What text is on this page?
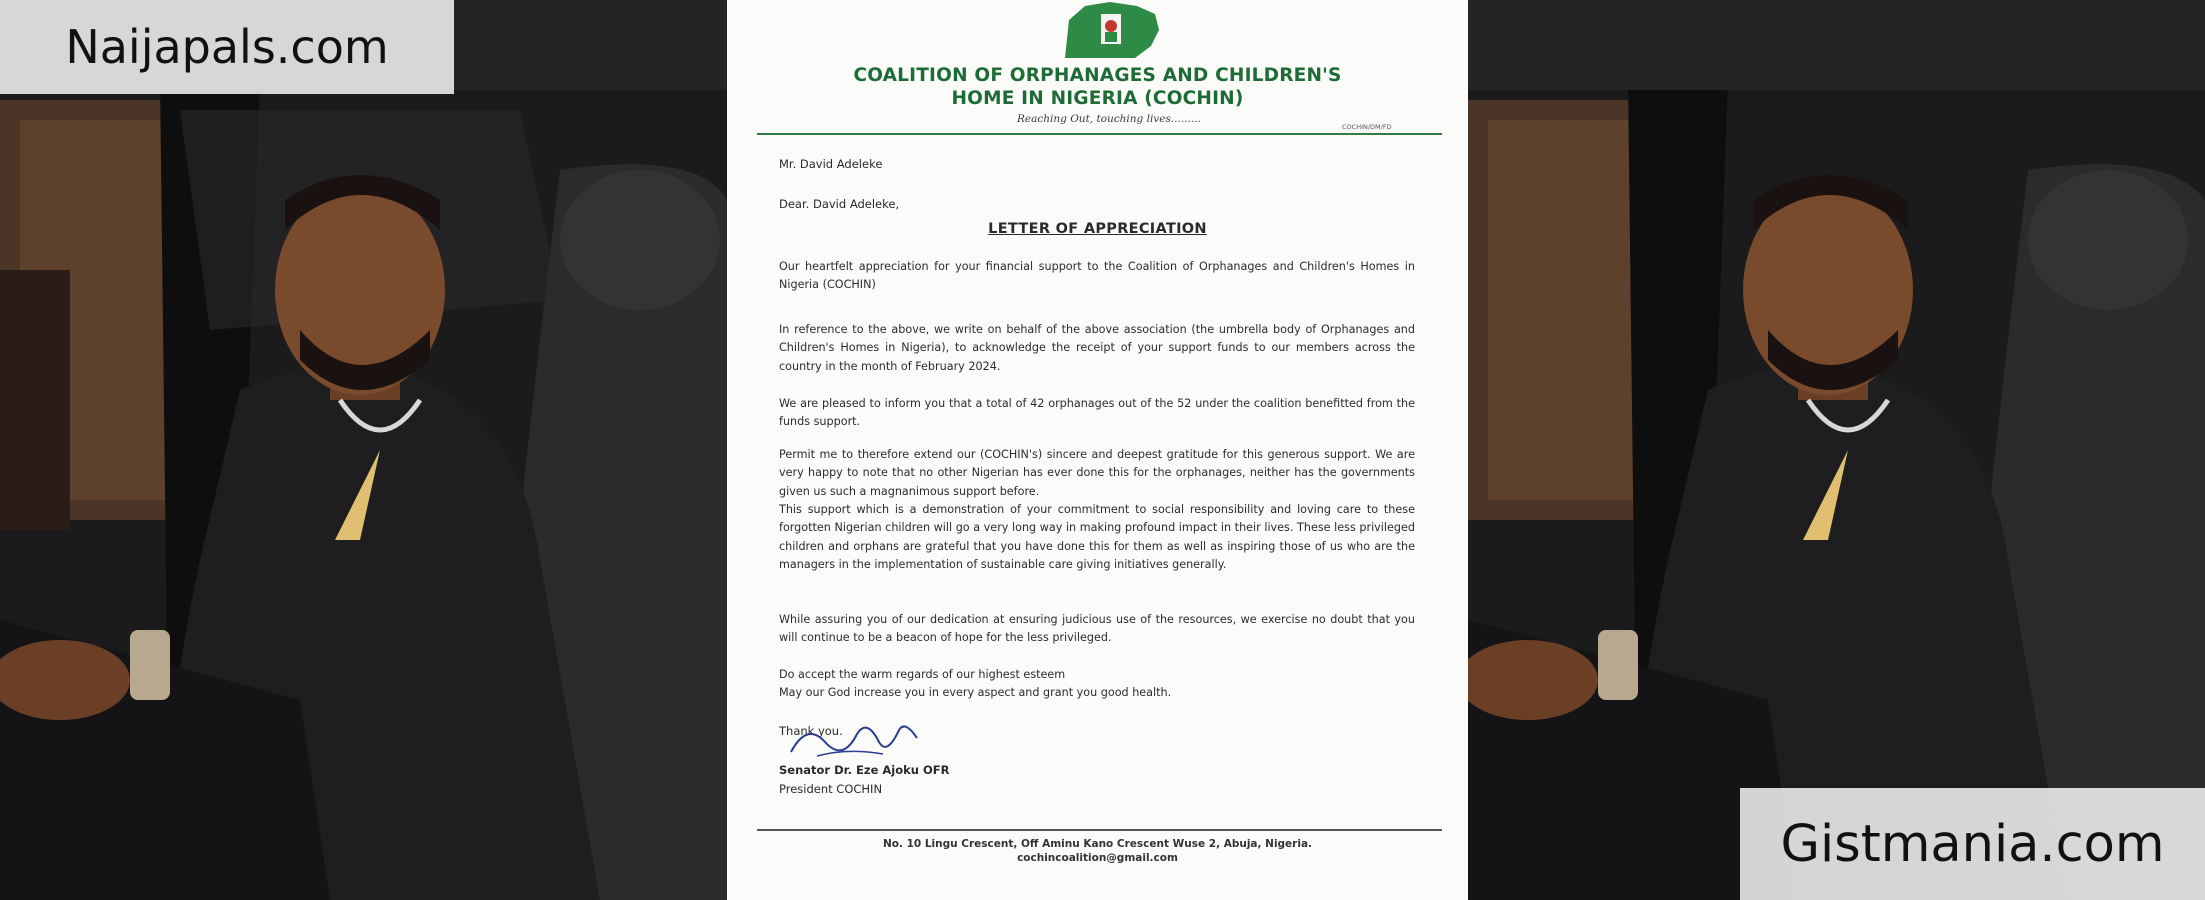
COALITION OF ORPHANAGES AND CHILDREN'S
HOME IN NIGERIA (COCHIN)
Reaching Out, touching lives.........
COCHIN/DM/FD
Mr. David Adeleke
Dear. David Adeleke,
LETTER OF APPRECIATION

Our heartfelt appreciation for your financial support to the Coalition of Orphanages and Children's Homes in Nigeria (COCHIN)

In reference to the above, we write on behalf of the above association (the umbrella body of Orphanages and Children's Homes in Nigeria), to acknowledge the receipt of your support funds to our members across the country in the month of February 2024.

We are pleased to inform you that a total of 42 orphanages out of the 52 under the coalition benefitted from the funds support.

Permit me to therefore extend our (COCHIN's) sincere and deepest gratitude for this generous support. We are very happy to note that no other Nigerian has ever done this for the orphanages, neither has the governments given us such a magnanimous support before.

This support which is a demonstration of your commitment to social responsibility and loving care to these forgotten Nigerian children will go a very long way in making profound impact in their lives. These less privileged children and orphans are grateful that you have done this for them as well as inspiring those of us who are the managers in the implementation of sustainable care giving initiatives generally.

While assuring you of our dedication at ensuring judicious use of the resources, we exercise no doubt that you will continue to be a beacon of hope for the less privileged.

Do accept the warm regards of our highest esteem

May our God increase you in every aspect and grant you good health.

Thank you.
Senator Dr. Eze Ajoku OFR
President COCHIN
No. 10 Lingu Crescent, Off Aminu Kano Crescent Wuse 2, Abuja, Nigeria.
cochincoalition@gmail.com
Naijapals.com
Gistmania.com
